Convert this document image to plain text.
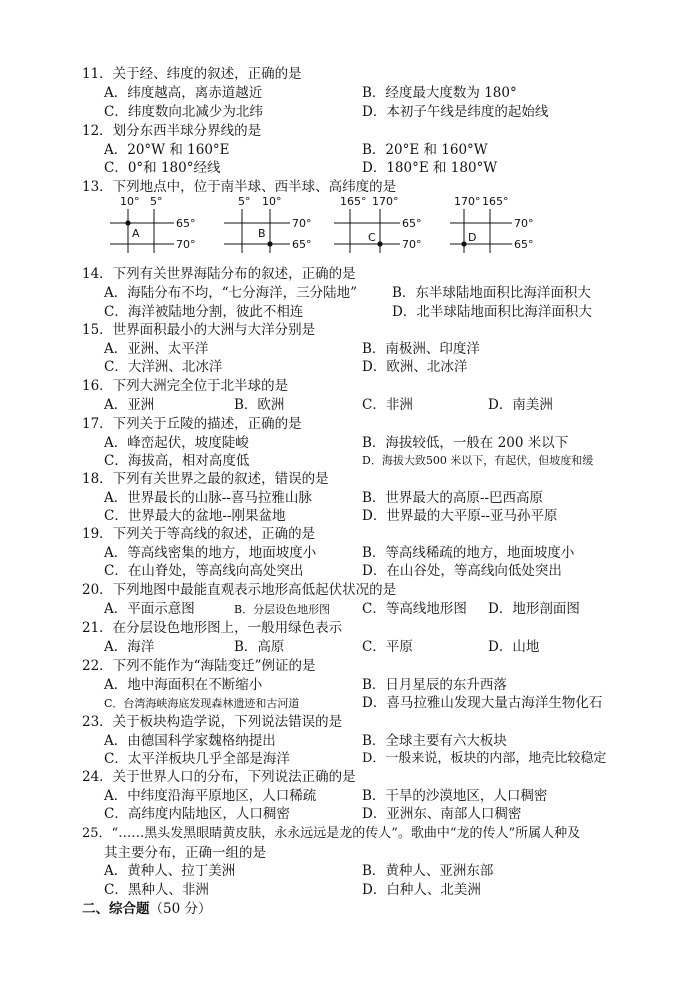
11．关于经、纬度的叙述，正确的是
A．纬度越高，离赤道越近	B．经度最大度数为 180°
C．纬度数向北减少为北纬	D．本初子午线是纬度的起始线
12．划分东西半球分界线的是
A．20°W 和 160°E	B．20°E 和 160°W
C．0°和 180°经线	D．180°E 和 180°W
13．下列地点中，位于南半球、西半球、高纬度的是
10° 5°
65°
70°
A
5° 10°
70°
65°
B
165° 170°
65°
70°
C
170° 165°
70°
65°
D
14．下列有关世界海陆分布的叙述，正确的是
A．海陆分布不均，“七分海洋，三分陆地”	B．东半球陆地面积比海洋面积大
C．海洋被陆地分割，彼此不相连	D．北半球陆地面积比海洋面积大
15．世界面积最小的大洲与大洋分别是
A．亚洲、太平洋	B．南极洲、印度洋
C．大洋洲、北冰洋	D．欧洲、北冰洋
16．下列大洲完全位于北半球的是
A．亚洲	B．欧洲	C．非洲	D．南美洲
17．下列关于丘陵的描述，正确的是
A．峰峦起伏，坡度陡峻	B．海拔较低，一般在 200 米以下
C．海拔高，相对高度低	D．海拔大致500 米以下，有起伏，但坡度和缓
18．下列有关世界之最的叙述，错误的是
A．世界最长的山脉--喜马拉雅山脉	B．世界最大的高原--巴西高原
C．世界最大的盆地--刚果盆地	D．世界最的大平原--亚马孙平原
19．下列关于等高线的叙述，正确的是
A．等高线密集的地方，地面坡度小	B．等高线稀疏的地方，地面坡度小
C．在山脊处，等高线向高处突出	D．在山谷处，等高线向低处突出
20．下列地图中最能直观表示地形高低起伏状况的是
A．平面示意图	B．分层设色地形图 C．等高线地形图 D．地形剖面图
21．在分层设色地形图上，一般用绿色表示
A．海洋	B．高原	C．平原	D．山地
22．下列不能作为“海陆变迁”例证的是
A．地中海面积在不断缩小	B．日月星辰的东升西落
C．台湾海峡海底发现森林遗迹和古河道	D．喜马拉雅山发现大量古海洋生物化石
23．关于板块构造学说，下列说法错误的是
A．由德国科学家魏格纳提出	B．全球主要有六大板块
C．太平洋板块几乎全部是海洋	D．一般来说，板块的内部，地壳比较稳定
24．关于世界人口的分布，下列说法正确的是
A．中纬度沿海平原地区，人口稀疏	B．干旱的沙漠地区，人口稠密
C．高纬度内陆地区，人口稠密	D．亚洲东、南部人口稠密
25．“……黑头发黑眼睛黄皮肤，永永远远是龙的传人”。歌曲中“龙的传人”所属人种及
其主要分布，正确一组的是
A．黄种人、拉丁美洲	B．黄种人、亚洲东部
C．黑种人、非洲	D．白种人、北美洲
二、综合题（50 分）
